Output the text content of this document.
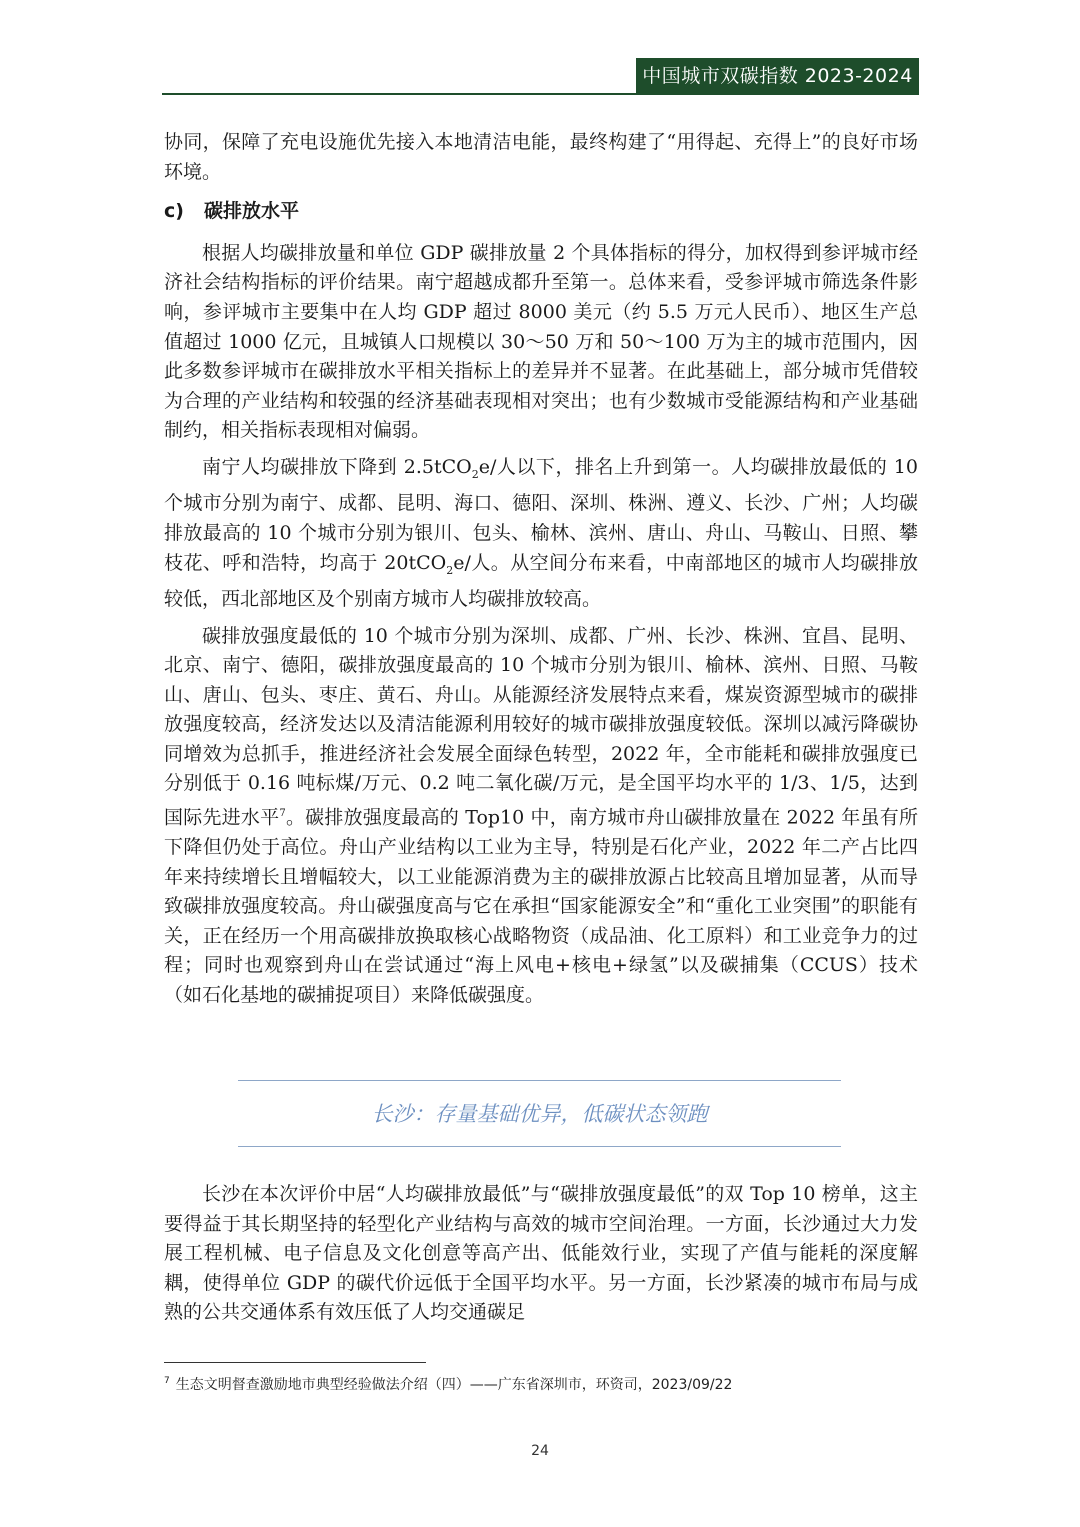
中国城市双碳指数 2023-2024

协同，保障了充电设施优先接入本地清洁电能，最终构建了“用得起、充得上”的良好市场环境。

c) 碳排放水平

根据人均碳排放量和单位 GDP 碳排放量 2 个具体指标的得分，加权得到参评城市经济社会结构指标的评价结果。南宁超越成都升至第一。总体来看，受参评城市筛选条件影响，参评城市主要集中在人均 GDP 超过 8000 美元（约 5.5 万元人民币）、地区生产总值超过 1000 亿元，且城镇人口规模以 30～50 万和 50～100 万为主的城市范围内，因此多数参评城市在碳排放水平相关指标上的差异并不显著。在此基础上，部分城市凭借较为合理的产业结构和较强的经济基础表现相对突出；也有少数城市受能源结构和产业基础制约，相关指标表现相对偏弱。

南宁人均碳排放下降到 2.5tCO$_2$e/人以下，排名上升到第一。人均碳排放最低的 10 个城市分别为南宁、成都、昆明、海口、德阳、深圳、株洲、遵义、长沙、广州；人均碳排放最高的 10 个城市分别为银川、包头、榆林、滨州、唐山、舟山、马鞍山、日照、攀枝花、呼和浩特，均高于 20tCO$_2$e/人。从空间分布来看，中南部地区的城市人均碳排放较低，西北部地区及个别南方城市人均碳排放较高。

碳排放强度最低的 10 个城市分别为深圳、成都、广州、长沙、株洲、宜昌、昆明、北京、南宁、德阳，碳排放强度最高的 10 个城市分别为银川、榆林、滨州、日照、马鞍山、唐山、包头、枣庄、黄石、舟山。从能源经济发展特点来看，煤炭资源型城市的碳排放强度较高，经济发达以及清洁能源利用较好的城市碳排放强度较低。深圳以减污降碳协同增效为总抓手，推进经济社会发展全面绿色转型，2022 年，全市能耗和碳排放强度已分别低于 0.16 吨标煤/万元、0.2 吨二氧化碳/万元，是全国平均水平的 1/3、1/5，达到国际先进水平$^7$。碳排放强度最高的 Top10 中，南方城市舟山碳排放量在 2022 年虽有所下降但仍处于高位。舟山产业结构以工业为主导，特别是石化产业，2022 年二产占比四年来持续增长且增幅较大，以工业能源消费为主的碳排放源占比较高且增加显著，从而导致碳排放强度较高。舟山碳强度高与它在承担“国家能源安全”和“重化工业突围”的职能有关，正在经历一个用高碳排放换取核心战略物资（成品油、化工原料）和工业竞争力的过程；同时也观察到舟山在尝试通过“海上风电+核电+绿氢”以及碳捕集（CCUS）技术（如石化基地的碳捕捉项目）来降低碳强度。

长沙：存量基础优异，低碳状态领跑

长沙在本次评价中居“人均碳排放最低”与“碳排放强度最低”的双 Top 10 榜单，这主要得益于其长期坚持的轻型化产业结构与高效的城市空间治理。一方面，长沙通过大力发展工程机械、电子信息及文化创意等高产出、低能效行业，实现了产值与能耗的深度解耦，使得单位 GDP 的碳代价远低于全国平均水平。另一方面，长沙紧凑的城市布局与成熟的公共交通体系有效压低了人均交通碳足

$^7$ 生态文明督查激励地市典型经验做法介绍（四）——广东省深圳市，环资司，2023/09/22
24
